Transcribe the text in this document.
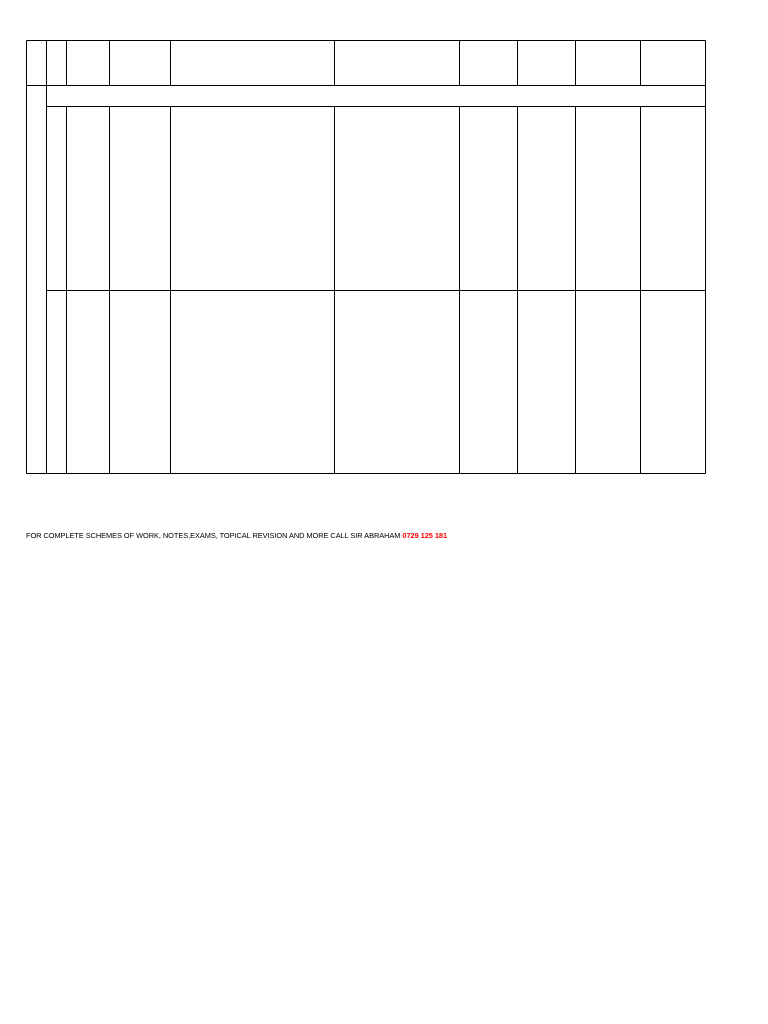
FOR COMPLETE SCHEMES OF WORK, NOTES,EXAMS, TOPICAL REVISION AND MORE CALL SIR ABRAHAM 0729 125 181
